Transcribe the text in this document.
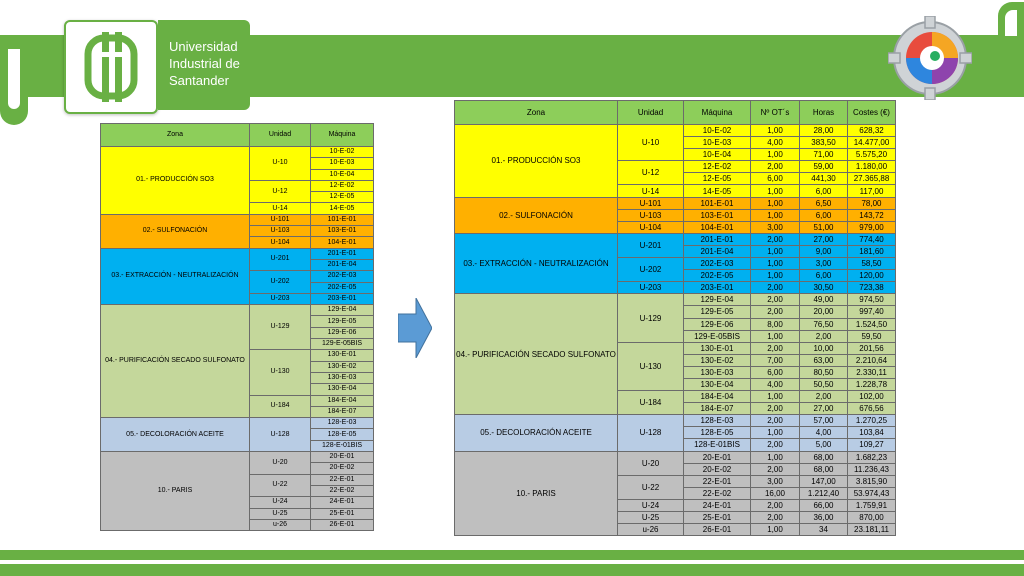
Universidad
Industrial de
Santander
Zona	Unidad	Máquina
01.- PRODUCCIÓN SO3	U-10	10-E-02
		10-E-03
		10-E-04
	U-12	12-E-02
		12-E-05
	U-14	14-E-05
02.- SULFONACIÓN	U-101	101-E-01
	U-103	103-E-01
	U-104	104-E-01
03.- EXTRACCIÓN - NEUTRALIZACIÓN	U-201	201-E-01
		201-E-04
	U-202	202-E-03
		202-E-05
	U-203	203-E-01
04.- PURIFICACIÓN SECADO SULFONATO	U-129	129-E-04
		129-E-05
		129-E-06
		129-E-05BIS
	U-130	130-E-01
		130-E-02
		130-E-03
		130-E-04
	U-184	184-E-04
		184-E-07
05.- DECOLORACIÓN ACEITE	U-128	128-E-03
		128-E-05
		128-E-01BIS
10.- PARIS	U-20	20-E-01
		20-E-02
	U-22	22-E-01
		22-E-02
	U-24	24-E-01
	U-25	25-E-01
	u-26	26-E-01
Zona	Unidad	Máquina	Nº OT´s	Horas	Costes (€)
01.- PRODUCCIÓN SO3	U-10	10-E-02	1,00	28,00	628,32
		10-E-03	4,00	383,50	14.477,00
		10-E-04	1,00	71,00	5.575,20
	U-12	12-E-02	2,00	59,00	1.180,00
		12-E-05	6,00	441,30	27.365,88
	U-14	14-E-05	1,00	6,00	117,00
02.- SULFONACIÓN	U-101	101-E-01	1,00	6,50	78,00
	U-103	103-E-01	1,00	6,00	143,72
	U-104	104-E-01	3,00	51,00	979,00
03.- EXTRACCIÓN - NEUTRALIZACIÓN	U-201	201-E-01	2,00	27,00	774,40
		201-E-04	1,00	9,00	181,60
	U-202	202-E-03	1,00	3,00	58,50
		202-E-05	1,00	6,00	120,00
	U-203	203-E-01	2,00	30,50	723,38
04.- PURIFICACIÓN SECADO SULFONATO	U-129	129-E-04	2,00	49,00	974,50
		129-E-05	2,00	20,00	997,40
		129-E-06	8,00	76,50	1.524,50
		129-E-05BIS	1,00	2,00	59,50
	U-130	130-E-01	2,00	10,00	201,56
		130-E-02	7,00	63,00	2.210,64
		130-E-03	6,00	80,50	2.330,11
		130-E-04	4,00	50,50	1.228,78
	U-184	184-E-04	1,00	2,00	102,00
		184-E-07	2,00	27,00	676,56
05.- DECOLORACIÓN ACEITE	U-128	128-E-03	2,00	57,00	1.270,25
		128-E-05	1,00	4,00	103,84
		128-E-01BIS	2,00	5,00	109,27
10.- PARIS	U-20	20-E-01	1,00	68,00	1.682,23
		20-E-02	2,00	68,00	11.236,43
	U-22	22-E-01	3,00	147,00	3.815,90
		22-E-02	16,00	1.212,40	53.974,43
	U-24	24-E-01	2,00	66,00	1.759,91
	U-25	25-E-01	2,00	36,00	870,00
	u-26	26-E-01	1,00	34	23.181,11
